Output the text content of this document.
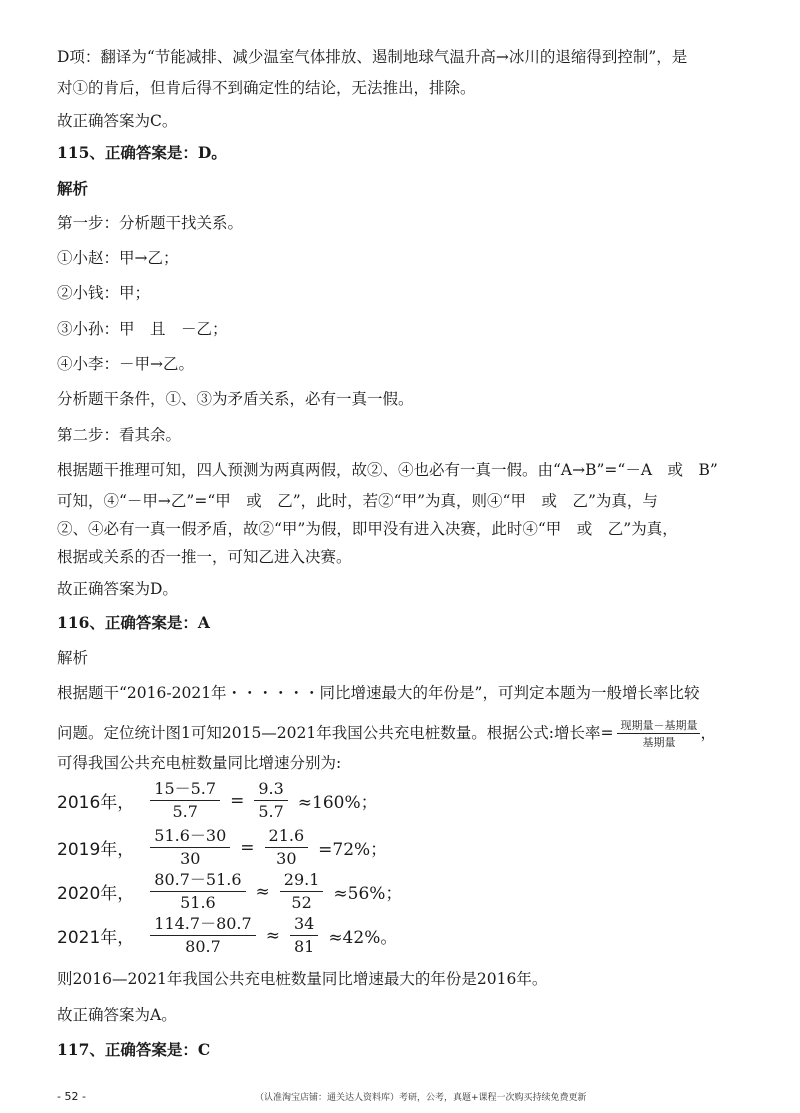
D项：翻译为“节能减排、减少温室气体排放、遏制地球气温升高→冰川的退缩得到控制”，是
对①的肯后，但肯后得不到确定性的结论，无法推出，排除。
故正确答案为C。
115、正确答案是：D。
解析
第一步：分析题干找关系。
①小赵：甲→乙；
②小钱：甲；
③小孙：甲　且　－乙；
④小李：－甲→乙。
分析题干条件，①、③为矛盾关系，必有一真一假。
第二步：看其余。
根据题干推理可知，四人预测为两真两假，故②、④也必有一真一假。由“A→B”=“－A　或　B”
可知，④“－甲→乙”=“甲　或　乙”，此时，若②“甲”为真，则④“甲　或　乙”为真，与
②、④必有一真一假矛盾，故②“甲”为假，即甲没有进入决赛，此时④“甲　或　乙”为真，
根据或关系的否一推一，可知乙进入决赛。
故正确答案为D。
116、正确答案是：A
解析
根据题干“2016-2021年・・・・・・同比增速最大的年份是”，可判定本题为一般增长率比较
问题。定位统计图1可知2015—2021年我国公共充电桩数量。根据公式:增长率= $\frac{\text{现期量－基期量}}{\text{基期量}}$ ，
可得我国公共充电桩数量同比增速分别为:
2016年， $\frac{15-5.7}{5.7} = \frac{9.3}{5.7} \approx 160\%$；
2019年， $\frac{51.6-30}{30} = \frac{21.6}{30} =72\%$；
2020年， $\frac{80.7-51.6}{51.6} \approx \frac{29.1}{52} \approx 56\%$；
2021年， $\frac{114.7-80.7}{80.7} \approx \frac{34}{81} \approx 42\%$。
则2016—2021年我国公共充电桩数量同比增速最大的年份是2016年。
故正确答案为A。
117、正确答案是：C
- 52 -	（认准淘宝店铺：通关达人资料库）考研，公考，真题+课程一次购买持续免费更新
